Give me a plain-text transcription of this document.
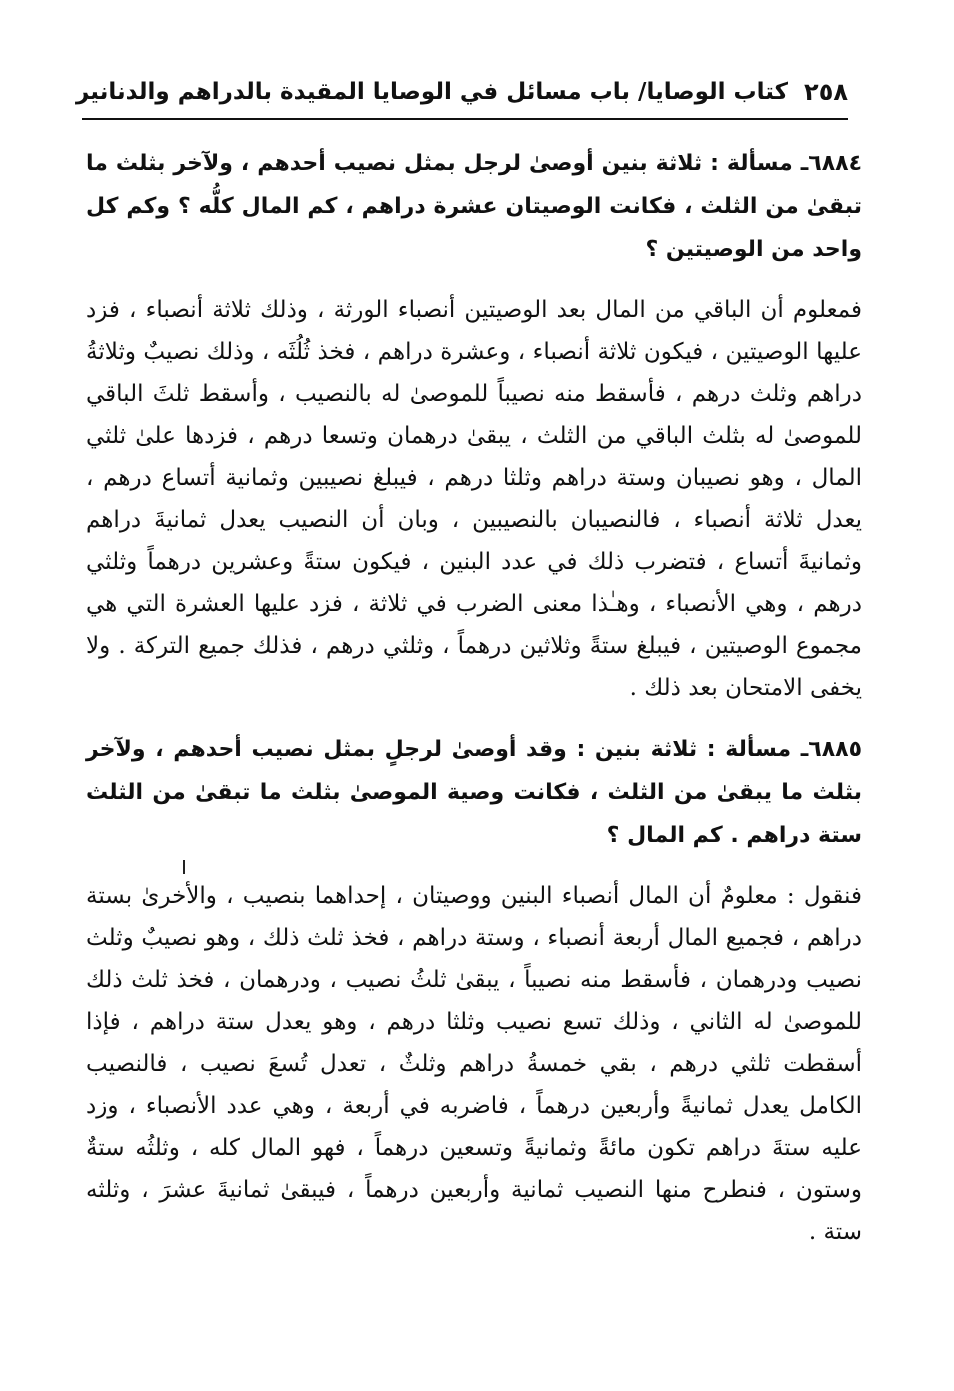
٢٥٨
كتاب الوصايا/ باب مسائل في الوصايا المقيدة بالدراهم والدنانير

٦٨٨٤ـ مسألة : ثلاثة بنين أوصىٰ لرجل بمثل نصيب أحدهم ، ولآخر بثلث ما تبقىٰ من الثلث ، فكانت الوصيتان عشرة دراهم ، كم المال كلُّه ؟ وكم كل واحد من الوصيتين ؟

فمعلوم أن الباقي من المال بعد الوصيتين أنصباء الورثة ، وذلك ثلاثة أنصباء ، فزد عليها الوصيتين ، فيكون ثلاثة أنصباء ، وعشرة دراهم ، فخذ ثُلُثَه ، وذلك نصيبٌ وثلاثةُ دراهم وثلث درهم ، فأسقط منه نصيباً للموصىٰ له بالنصيب ، وأسقط ثلثَ الباقي للموصىٰ له بثلث الباقي من الثلث ، يبقىٰ درهمان وتسعا درهم ، فزدها علىٰ ثلثي المال ، وهو نصيبان وستة دراهم وثلثا درهم ، فيبلغ نصيبين وثمانية أتساع درهم ، يعدل ثلاثة أنصباء ، فالنصيبان بالنصيبين ، وبان أن النصيب يعدل ثمانيةَ دراهم وثمانيةَ أتساع ، فتضرب ذلك في عدد البنين ، فيكون ستةً وعشرين درهماً وثلثي درهم ، وهي الأنصباء ، وهـٰذا معنى الضرب في ثلاثة ، فزد عليها العشرة التي هي مجموع الوصيتين ، فيبلغ ستةً وثلاثين درهماً ، وثلثي درهم ، فذلك جميع التركة . ولا يخفى الامتحان بعد ذلك .

٦٨٨٥ـ مسألة : ثلاثة بنين : وقد أوصىٰ لرجلٍ بمثل نصيب أحدهم ، ولآخر بثلث ما يبقىٰ من الثلث ، فكانت وصية الموصىٰ بثلث ما تبقىٰ من الثلث ستة دراهم . كم المال ؟

فنقول : معلومٌ أن المال أنصباء البنين ووصيتان ، إحداهما بنصيب ، والأخرىٰ بستة دراهم ، فجميع المال أربعة أنصباء ، وستة دراهم ، فخذ ثلث ذلك ، وهو نصيبٌ وثلث نصيب ودرهمان ، فأسقط منه نصيباً ، يبقىٰ ثلثُ نصيب ، ودرهمان ، فخذ ثلث ذلك للموصىٰ له الثاني ، وذلك تسع نصيب وثلثا درهم ، وهو يعدل ستة دراهم ، فإذا أسقطت ثلثي درهم ، بقي خمسةُ دراهم وثلثٌ ، تعدل تُسعَ نصيب ، فالنصيب الكامل يعدل ثمانيةً وأربعين درهماً ، فاضربه في أربعة ، وهي عدد الأنصباء ، وزد عليه ستةَ دراهم تكون مائةً وثمانيةً وتسعين درهماً ، فهو المال كله ، وثلثُه ستةٌ وستون ، فنطرح منها النصيب ثمانية وأربعين درهماً ، فيبقىٰ ثمانيةَ عشرَ ، وثلثه ستة .
